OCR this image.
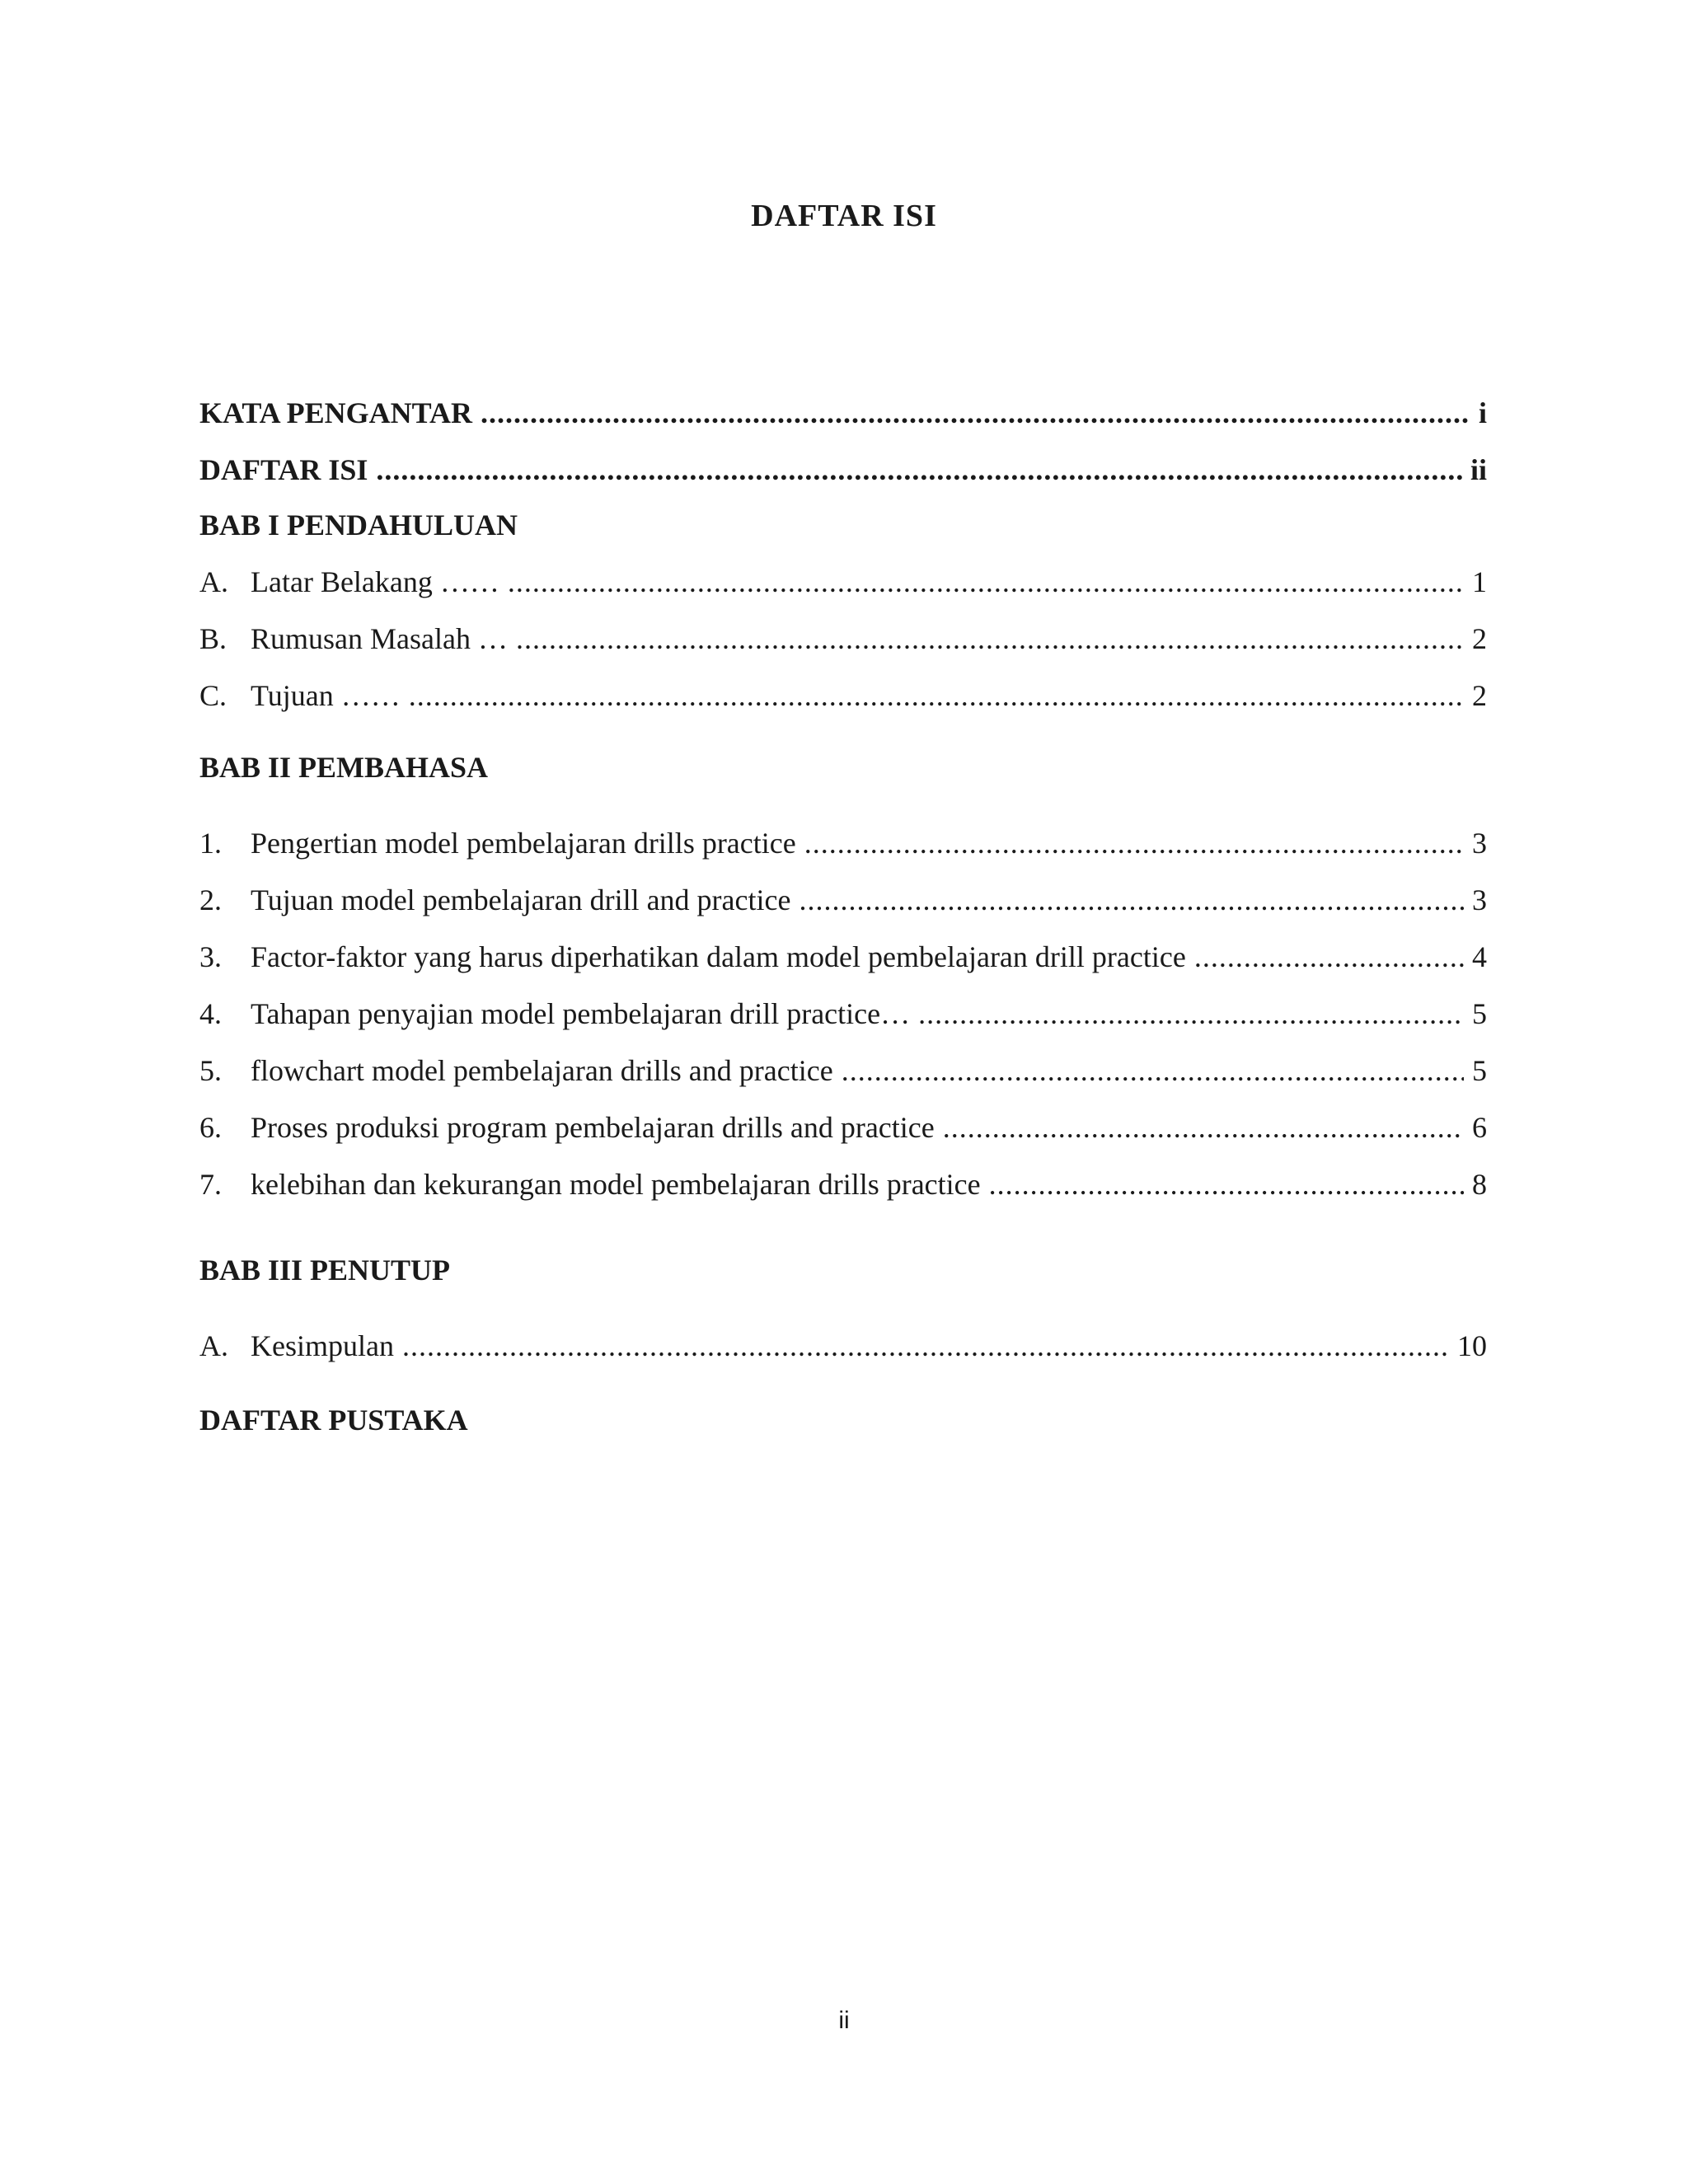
DAFTAR ISI
KATA PENGANTAR .....	i
DAFTAR ISI .....	ii
BAB I PENDAHULUAN
A. Latar Belakang …… .....	1
B. Rumusan Masalah … .....	2
C. Tujuan …… .....	2
BAB II PEMBAHASA
1. Pengertian model pembelajaran drills practice .....	3
2. Tujuan model pembelajaran drill and practice .....	3
3. Factor-faktor yang harus diperhatikan dalam model pembelajaran drill practice .....	4
4. Tahapan penyajian model pembelajaran drill practice… .....	5
5. flowchart model pembelajaran drills and practice .....	5
6. Proses produksi program pembelajaran drills and practice .....	6
7. kelebihan dan kekurangan model pembelajaran drills practice .....	8
BAB III PENUTUP
A. Kesimpulan .....	10
DAFTAR PUSTAKA
ii
